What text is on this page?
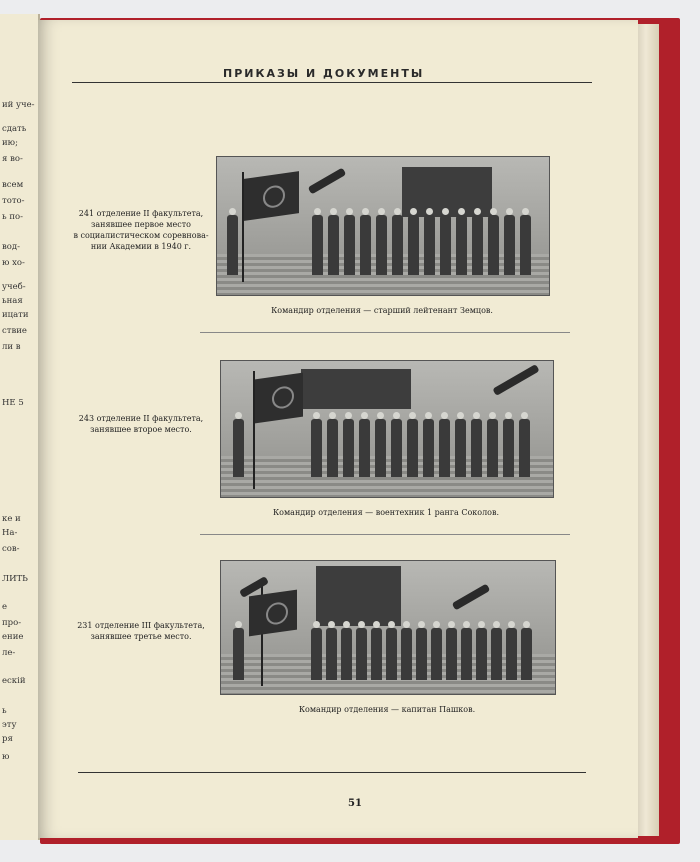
ий уче-
сдать
ию;
я во-
всем
тото-
ь по-
вод-
ю хо-
учеб-
ьная
ицати
ствие
ли в
НЕ 5
ке и
На-
сов-
ЛИТЬ
е
про-
ение
ле-
ескій
ь
эту
ря
ю
ПРИКАЗЫ И ДОКУМЕНТЫ
241 отделение II факультета,
занявшее первое место
в социалистическом соревнова-
нии Академии в 1940 г.
Командир отделения — старший лейтенант Земцов.
243 отделение II факультета,
занявшее второе место.
Командир отделения — воентехник 1 ранга Соколов.
231 отделение III факультета,
занявшее третье место.
Командир отделения — капитан Пашков.
51
